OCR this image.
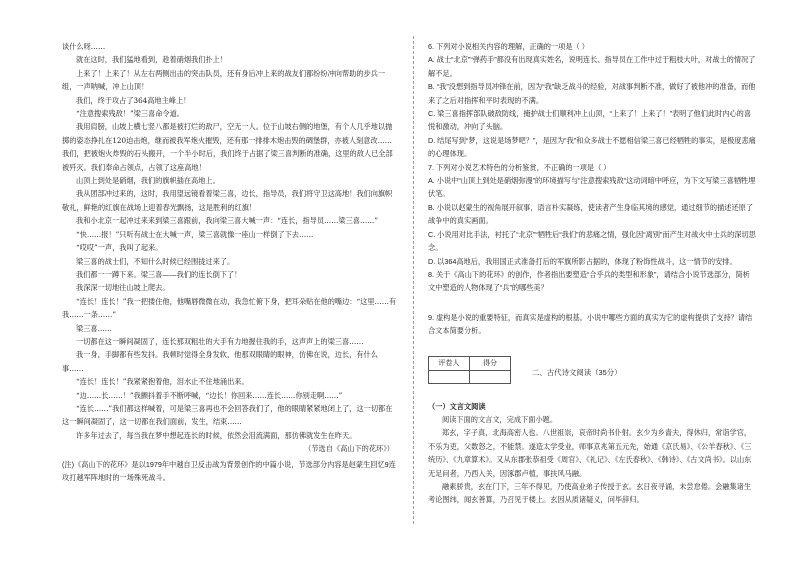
谈什么呀……

就在这时，我们猛地看到，趁着硝烟我们扑上！

上来了！上来了！从左右两侧出击的突击队员，还有身后冲上来的战友们都纷纷冲向帮助的步兵一组，一声呐喊，冲上山顶！

我们，终于攻占了364高地主峰上！

“注意搜索残敌！”梁三喜命令道。

我用肩膀，山坡上横七竖八都是被打烂的敌尸，空无一人。位于山坡右侧的地堡，有个人几乎地以抛掷的姿态挣扎在120迫击炮，继而被我军炮火摧毁，还有那一排排木炮击毁的碉堡群，亦被人刻意改……我们，把被炮火炸毁的石头搬开，一个半小时后，我们终于占据了梁三喜判断的准确，这里的敌人已全部被歼灭。我们奉命占领点，占领了这座高地！

山顶上到处是硝烟，我们的旗帜插在高地上。

我从团部冲过来的，这时，我用望远镜看着梁三喜，边长，指导员，我们将守卫这高地！我们向旗帜敬礼，鲜艳的红旗在战场上迎着春光飘扬，这是胜利的红旗！

我和小北京一起冲过来来到梁三喜跟前，我向梁三喜大喊一声：“连长，指导员……梁三喜……”

“快……报！”只听有战士在大喊一声，梁三喜就像一座山一样倒了下去……

“哎哎”一声，我叫了起来。

梁三喜的战士们，不知什么时候已经围拢过来了。

我们都一一蹲下来。梁三喜——我们的连长倒下了！

我深深一切地往山坡上爬去。

“连长！连长！”我一把搂住他，他嘴唇微微在动，我急忙俯下身，把耳朵贴在他的嘴边：“这里……有我……一条……”

梁三喜……

一切都在这一瞬间凝固了，连长那双粗壮的大手有力地握住我的手，这声声上的梁三喜……

我一身，手脚都有些发抖。我顿时觉得全身发软，他那双眼睛的眼神，仿佛在说，边长，有什么事……

“连长！连长！”我紧紧抱着他，泪水止不住地涌出来。

“边……长……！”我颤抖着手不断呼喊，“边长！你回来……连长……你别走啊……”

“连长……”我们都这样喊着，可是梁三喜再也不会回答我们了，他的眼睛紧紧地闭上了，这一切都在这一瞬间凝固了，这一切都在我们面前，发生，结束……

许多年过去了，每当我在梦中想起连长的时候，依然会泪流满面，那仿佛就发生在昨天。

（节选自《高山下的花环》）

(注)《高山下的花环》是以1979年中越自卫反击战为背景创作的中篇小说，节选部分内容是赵蒙生回忆9连攻打越军阵地时的一场殊死战斗。

6. 下列对小说相关内容的理解，正确的一项是（ ）

A. 战士“北京”“弹药手”都没有出现真实姓名，说明连长、指导员在工作中过于粗枝大叶，对战士的情况了解不足。

B. “我”没想到指导员冲锋在前，因为“我”缺乏战斗的经验，对战事判断不准，做好了被他冲的准备，而他来了之后对指挥和平时表现的不满。

C. 梁三喜指挥部队破敌防线，掩护战士们顺利冲上山顶，“上来了！上来了！”表明了他们此时内心的喜悦和激动，冲向了头脑。

D. 结尾写到“梦，这说是场梦吧？”，是因为“我”和众多战士不愿相信梁三喜已经牺牲的事实，是极度悲痛的心理体现。

7. 下列对小说艺术特色的分析鉴赏，不正确的一项是（ ）

A. 小说中“山顶上到处是硝烟弥漫”的环境描写与“注意搜索残敌”这动词暗中呼应，为下文写梁三喜牺牲埋伏笔。

B. 小说以赵蒙生的视角展开叙事，语言朴实凝练，使读者产生身临其境的感觉，通过细节的描述还原了战争中的真实画面。

C. 小说用对比手法，衬托了“北京”“牺牲后“我们”的悲痛之情，强化因“离别”而产生对战火中士兵的深切思念。

D. 以364高地后，我用国正式准备打后的军旗所影占据的，体现了粉饰性战斗，这一情节的安排。

8. 关于《高山下的花环》的创作，作者指出要塑造“合乎兵的类型和形象”，请结合小说节选部分，简析文中塑造的人物体现了“兵”的哪些美？

9. 虚构是小说的重要特征，而真实是虚构的根基。小说中哪些方面的真实为它的虚构提供了支持？请结合文本简要分析。

评卷人	得分

二、古代诗文阅读（35分）

（一）文言文阅读

阅读下面的文言文，完成下面小题。

郑玄，字子真，北海高密人也。八世祖崇，哀帝时尚书仆射。玄少为乡啬夫，得休归，常诣学官，不乐为吏，父数怒之，不能禁。遂造太学受业，师事京兆第五元先，始通《京氏易》、《公羊春秋》、《三统历》、《九章算术》。又从东郡张恭祖受《周官》、《礼记》、《左氏春秋》、《韩诗》、《古文尚书》。以山东无足问者，乃西入关，因涿郡卢植，事扶风马融。

融素骄贵，玄在门下，三年不得见，乃使高业弟子传授于玄。玄日夜寻诵，未尝怠倦。会融集诸生考论图纬，闻玄善算，乃召见于楼上。玄因从质诸疑义，问毕辞归。
